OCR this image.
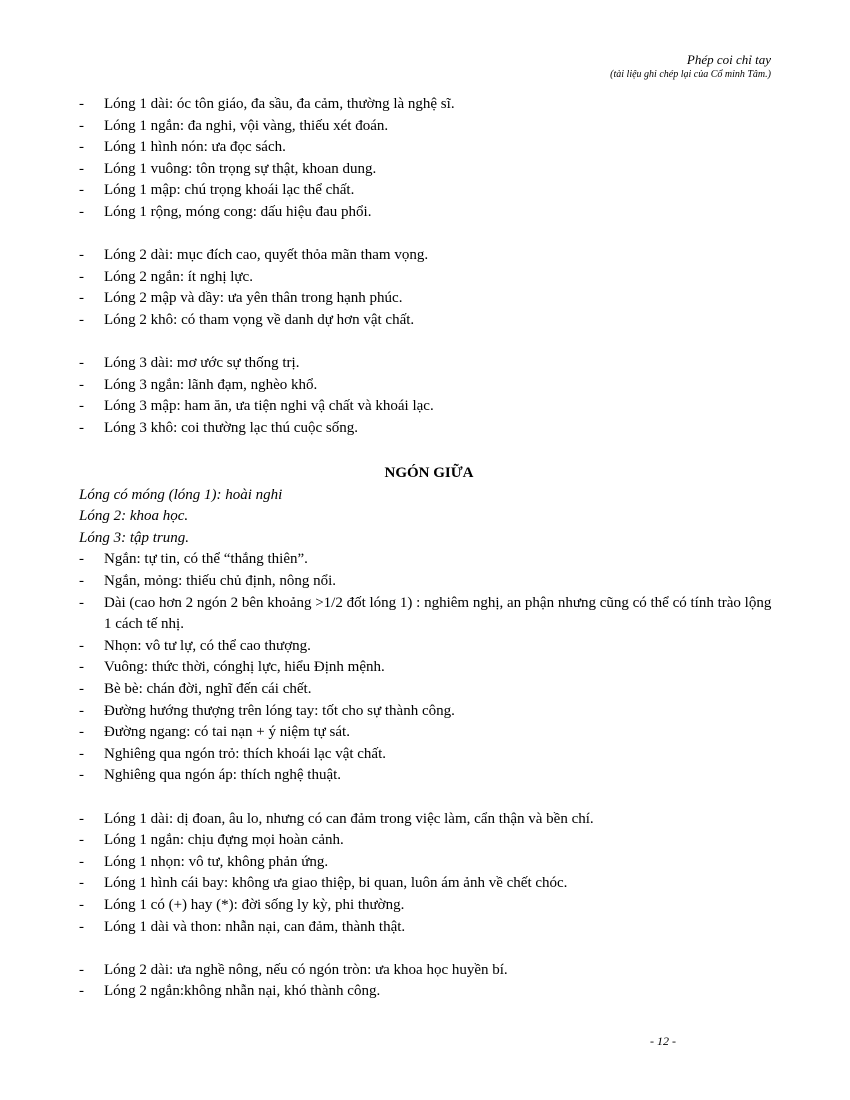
Phép coi chỉ tay
(tài liệu ghi chép lại của Cổ minh Tâm.)
- Lóng 1 dài: óc tôn giáo, đa sầu, đa cảm, thường là nghệ sĩ.
- Lóng 1 ngắn: đa nghi, vội vàng, thiếu xét đoán.
- Lóng 1 hình nón: ưa đọc sách.
- Lóng 1 vuông: tôn trọng sự thật, khoan dung.
- Lóng 1 mập: chú trọng khoái lạc thể chất.
- Lóng 1 rộng, móng cong: dấu hiệu đau phổi.
- Lóng 2 dài: mục đích cao, quyết thỏa mãn tham vọng.
- Lóng 2 ngắn: ít nghị lực.
- Lóng 2 mập và dầy: ưa yên thân trong hạnh phúc.
- Lóng 2 khô: có tham vọng về danh dự hơn vật chất.
- Lóng 3 dài: mơ ước sự thống trị.
- Lóng 3 ngắn: lãnh đạm, nghèo khổ.
- Lóng 3 mập: ham ăn, ưa tiện nghi vậ chất và khoái lạc.
- Lóng 3 khô: coi thường lạc thú cuộc sống.
NGÓN GIỮA
Lóng có móng (lóng 1): hoài nghi
Lóng 2: khoa học.
Lóng 3: tập trung.
- Ngắn: tự tin, có thể “thắng thiên”.
- Ngắn, mỏng: thiếu chủ định, nông nổi.
- Dài (cao hơn 2 ngón 2 bên khoảng >1/2 đốt lóng 1) : nghiêm nghị, an phận nhưng cũng có thể có tính trào lộng 1 cách tế nhị.
- Nhọn: vô tư lự, có thể cao thượng.
- Vuông: thức thời, cónghị lực, hiểu Định mệnh.
- Bè bè: chán đời, nghĩ đến cái chết.
- Đường hướng thượng trên lóng tay: tốt cho sự thành công.
- Đường ngang: có tai nạn + ý niệm tự sát.
- Nghiêng qua ngón trỏ: thích khoái lạc vật chất.
- Nghiêng qua ngón áp: thích nghệ thuật.
- Lóng 1 dài: dị đoan, âu lo, nhưng có can đảm trong việc làm, cẩn thận và bền chí.
- Lóng 1 ngắn: chịu đựng mọi hoàn cảnh.
- Lóng 1 nhọn: vô tư, không phản ứng.
- Lóng 1 hình cái bay: không ưa giao thiệp, bi quan, luôn ám ảnh về chết chóc.
- Lóng 1 có (+) hay (*): đời sống ly kỳ, phi thường.
- Lóng 1 dài và thon: nhẫn nại, can đảm, thành thật.
- Lóng 2 dài: ưa nghề nông, nếu có ngón tròn: ưa khoa học huyền bí.
- Lóng 2 ngắn:không nhẫn nại, khó thành công.
- 12 -
